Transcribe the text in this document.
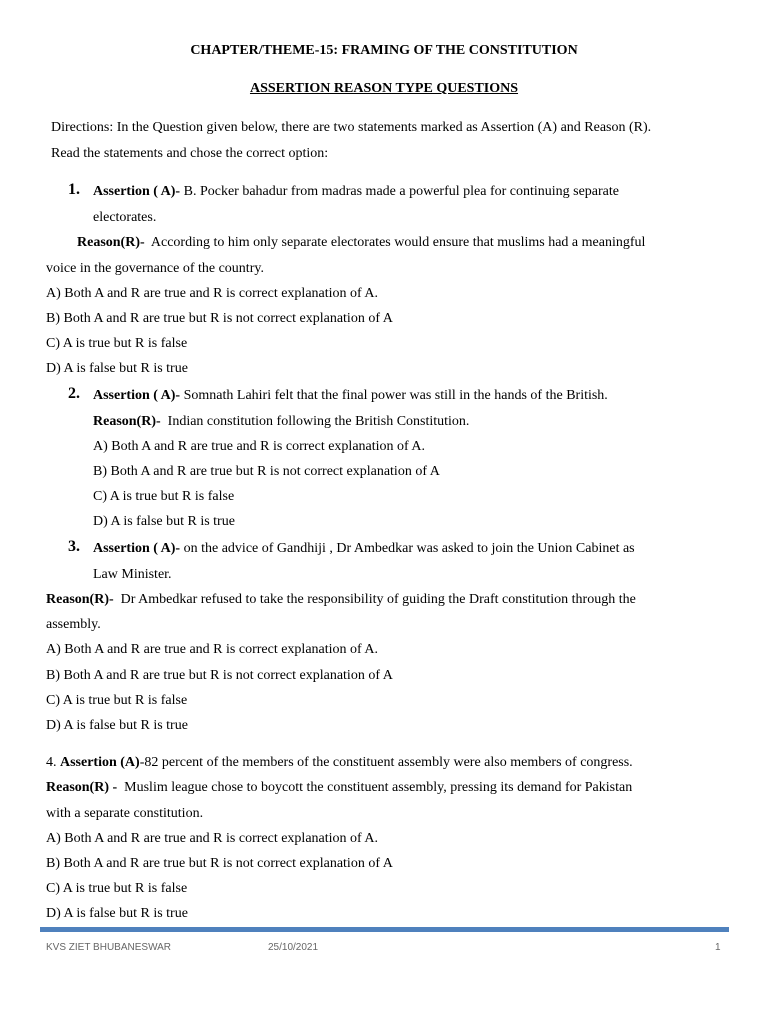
CHAPTER/THEME-15: FRAMING OF THE CONSTITUTION
ASSERTION REASON TYPE QUESTIONS
Directions: In the Question given below, there are two statements marked as Assertion (A) and Reason (R).
Read the statements and chose the correct option:
1. Assertion ( A)- B. Pocker bahadur from madras made a powerful plea for continuing separate
electorates.
Reason(R)-  According to him only separate electorates would ensure that muslims had a meaningful
voice in the governance of the country.
A) Both A and R are true and R is correct explanation of A.
B) Both A and R are true but R is not correct explanation of A
C) A is true but R is false
D) A is false but R is true
2. Assertion ( A)- Somnath Lahiri felt that the final power was still in the hands of the British.
Reason(R)-  Indian constitution following the British Constitution.
A) Both A and R are true and R is correct explanation of A.
B) Both A and R are true but R is not correct explanation of A
C) A is true but R is false
D) A is false but R is true
3. Assertion ( A)- on the advice of Gandhiji , Dr Ambedkar was asked to join the Union Cabinet as
Law Minister.
Reason(R)-  Dr Ambedkar refused to take the responsibility of guiding the Draft constitution through the
assembly.
A) Both A and R are true and R is correct explanation of A.
B) Both A and R are true but R is not correct explanation of A
C) A is true but R is false
D) A is false but R is true
4. Assertion (A)-82 percent of the members of the constituent assembly were also members of congress.
Reason(R) -  Muslim league chose to boycott the constituent assembly, pressing its demand for Pakistan
with a separate constitution.
A) Both A and R are true and R is correct explanation of A.
B) Both A and R are true but R is not correct explanation of A
C) A is true but R is false
D) A is false but R is true
KVS ZIET BHUBANESWAR	25/10/2021	1
